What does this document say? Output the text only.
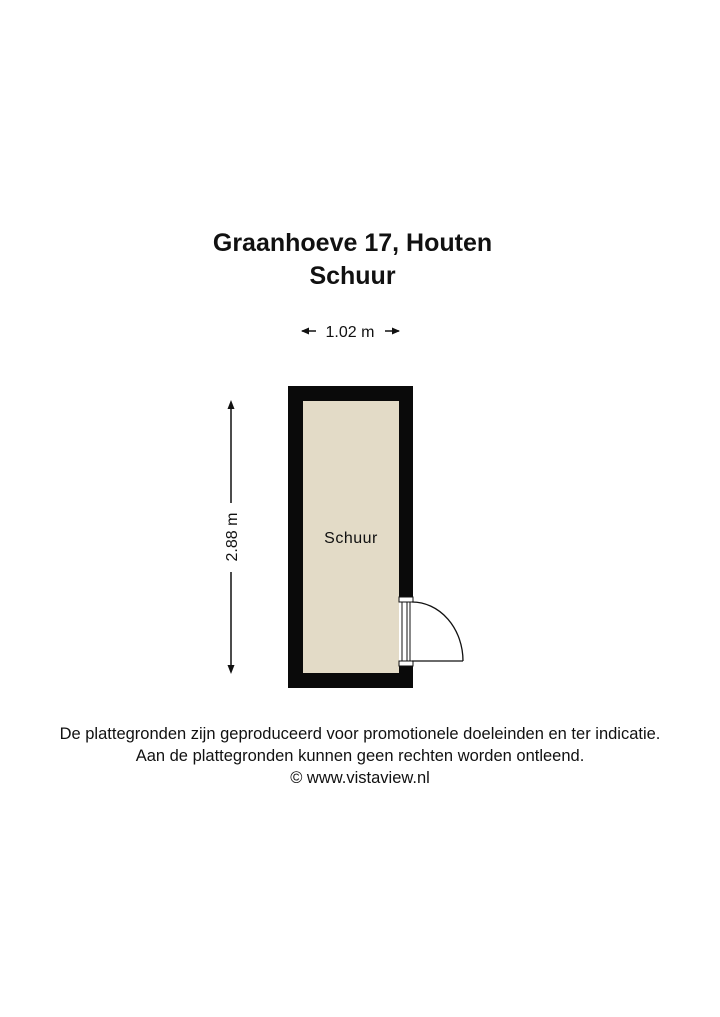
Graanhoeve 17, Houten
Schuur
1.02 m
2.88 m	Schuur
De plattegronden zijn geproduceerd voor promotionele doeleinden en ter indicatie.
Aan de plattegronden kunnen geen rechten worden ontleend.
© www.vistaview.nl
